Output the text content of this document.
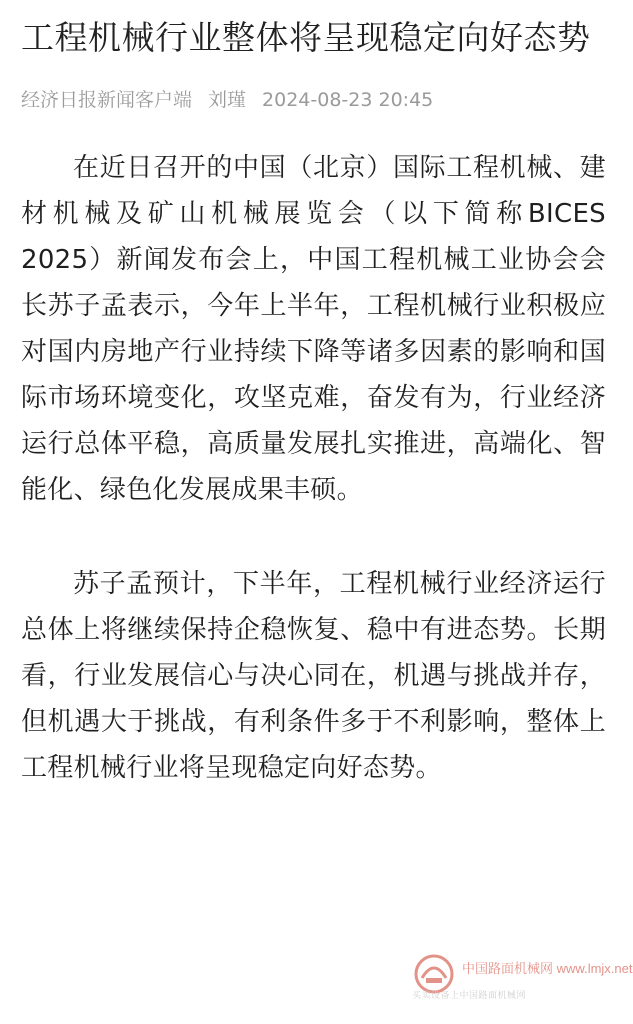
工程机械行业整体将呈现稳定向好态势
经济日报新闻客户端 刘瑾 2024-08-23 20:45

在近日召开的中国（北京）国际工程机械、建材机械及矿山机械展览会（以下简称BICES 2025）新闻发布会上，中国工程机械工业协会会长苏子孟表示，今年上半年，工程机械行业积极应对国内房地产行业持续下降等诸多因素的影响和国际市场环境变化，攻坚克难，奋发有为，行业经济运行总体平稳，高质量发展扎实推进，高端化、智能化、绿色化发展成果丰硕。

苏子孟预计，下半年，工程机械行业经济运行总体上将继续保持企稳恢复、稳中有进态势。长期看，行业发展信心与决心同在，机遇与挑战并存，但机遇大于挑战，有利条件多于不利影响，整体上工程机械行业将呈现稳定向好态势。

中国路面机械网 www.lmjx.net
买卖设备上中国路面机械网
